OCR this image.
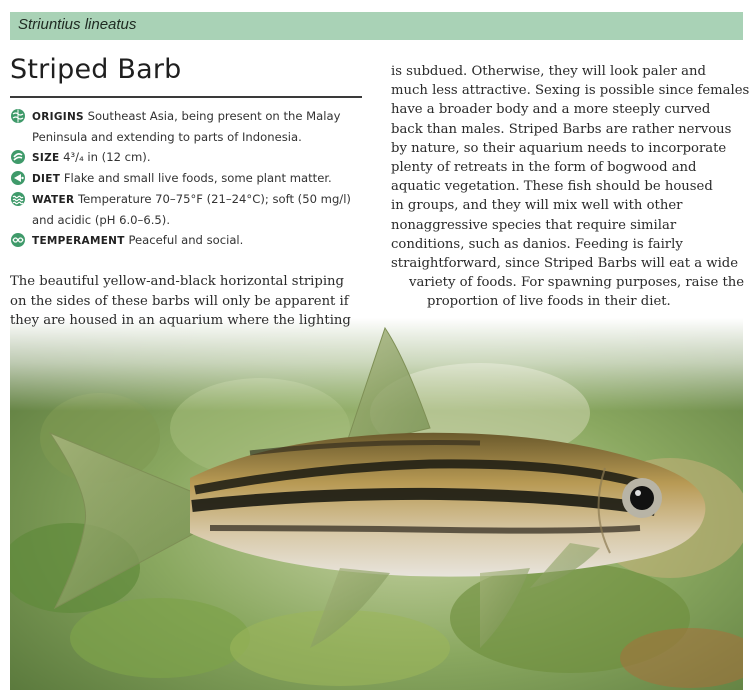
Striuntius lineatus
Striped Barb
ORIGINS Southeast Asia, being present on the Malay Peninsula and extending to parts of Indonesia.
SIZE 4³/₄ in (12 cm).
DIET Flake and small live foods, some plant matter.
WATER Temperature 70–75°F (21–24°C); soft (50 mg/l) and acidic (pH 6.0–6.5).
TEMPERAMENT Peaceful and social.
The beautiful yellow-and-black horizontal striping on the sides of these barbs will only be apparent if they are housed in an aquarium where the lighting
is subdued. Otherwise, they will look paler and
much less attractive. Sexing is possible since females
have a broader body and a more steeply curved
back than males. Striped Barbs are rather nervous
by nature, so their aquarium needs to incorporate
plenty of retreats in the form of bogwood and
aquatic vegetation. These fish should be housed
in groups, and they will mix well with other
nonaggressive species that require similar
conditions, such as danios. Feeding is fairly
straightforward, since Striped Barbs will eat a wide
variety of foods. For spawning purposes, raise the
proportion of live foods in their diet.
